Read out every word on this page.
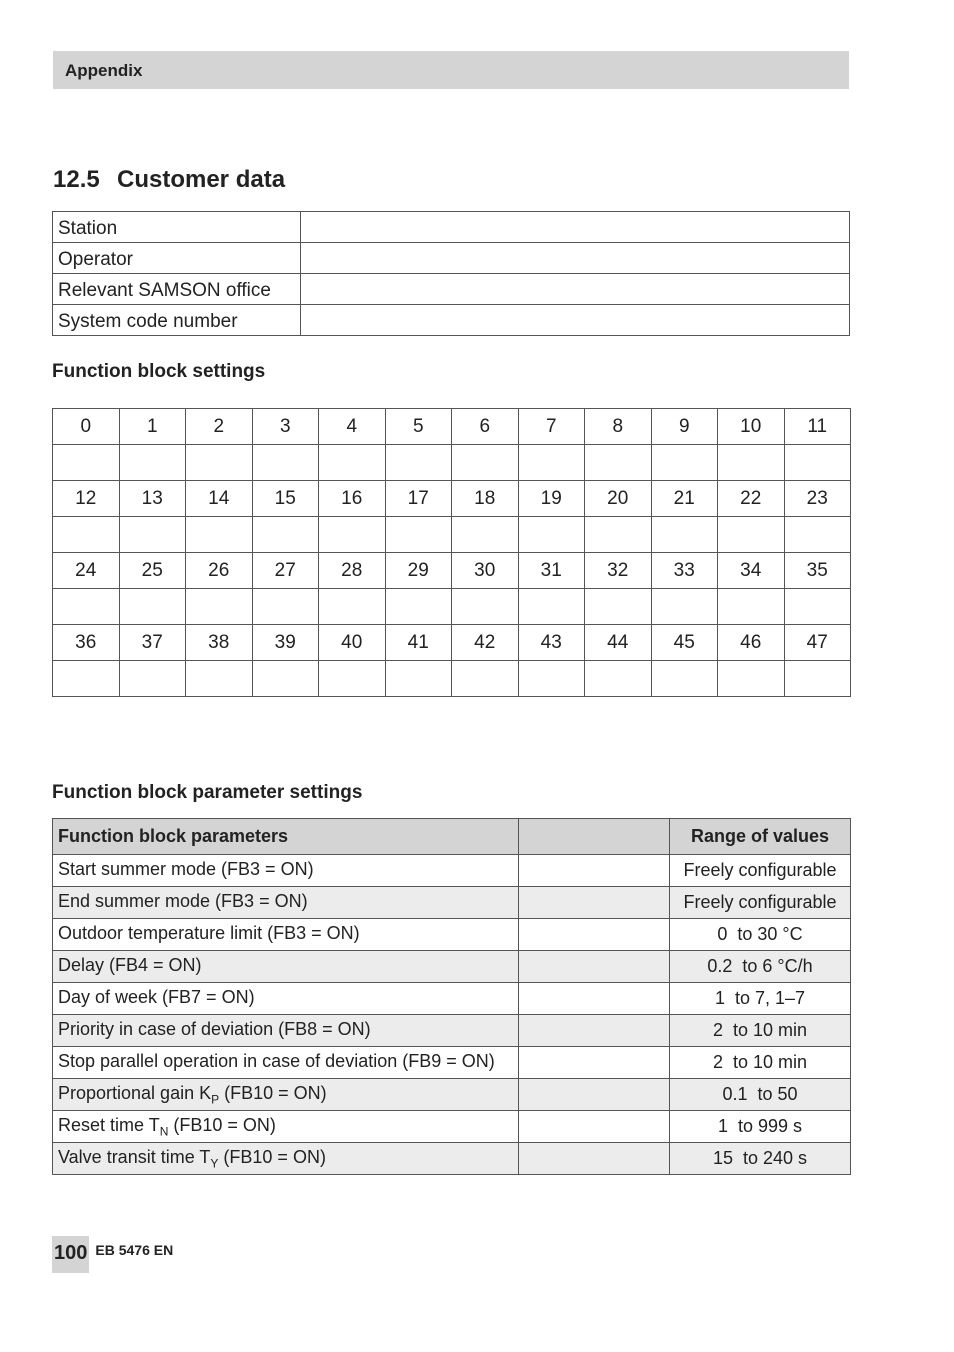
Appendix
12.5 Customer data
Station	
Operator	
Relevant SAMSON office	
System code number	
Function block settings
0	1	2	3	4	5	6	7	8	9	10	11

12	13	14	15	16	17	18	19	20	21	22	23

24	25	26	27	28	29	30	31	32	33	34	35

36	37	38	39	40	41	42	43	44	45	46	47

Function block parameter settings
Function block parameters		Range of values
Start summer mode (FB3 = ON)		Freely configurable
End summer mode (FB3 = ON)		Freely configurable
Outdoor temperature limit (FB3 = ON)		0  to 30 °C
Delay (FB4 = ON)		0.2  to 6 °C/h
Day of week (FB7 = ON)		1  to 7, 1–7
Priority in case of deviation (FB8 = ON)		2  to 10 min
Stop parallel operation in case of deviation (FB9 = ON)		2  to 10 min
Proportional gain $K_P$ (FB10 = ON)		0.1  to 50
Reset time $T_N$ (FB10 = ON)		1  to 999 s
Valve transit time $T_Y$ (FB10 = ON)		15  to 240 s
100 EB 5476 EN
